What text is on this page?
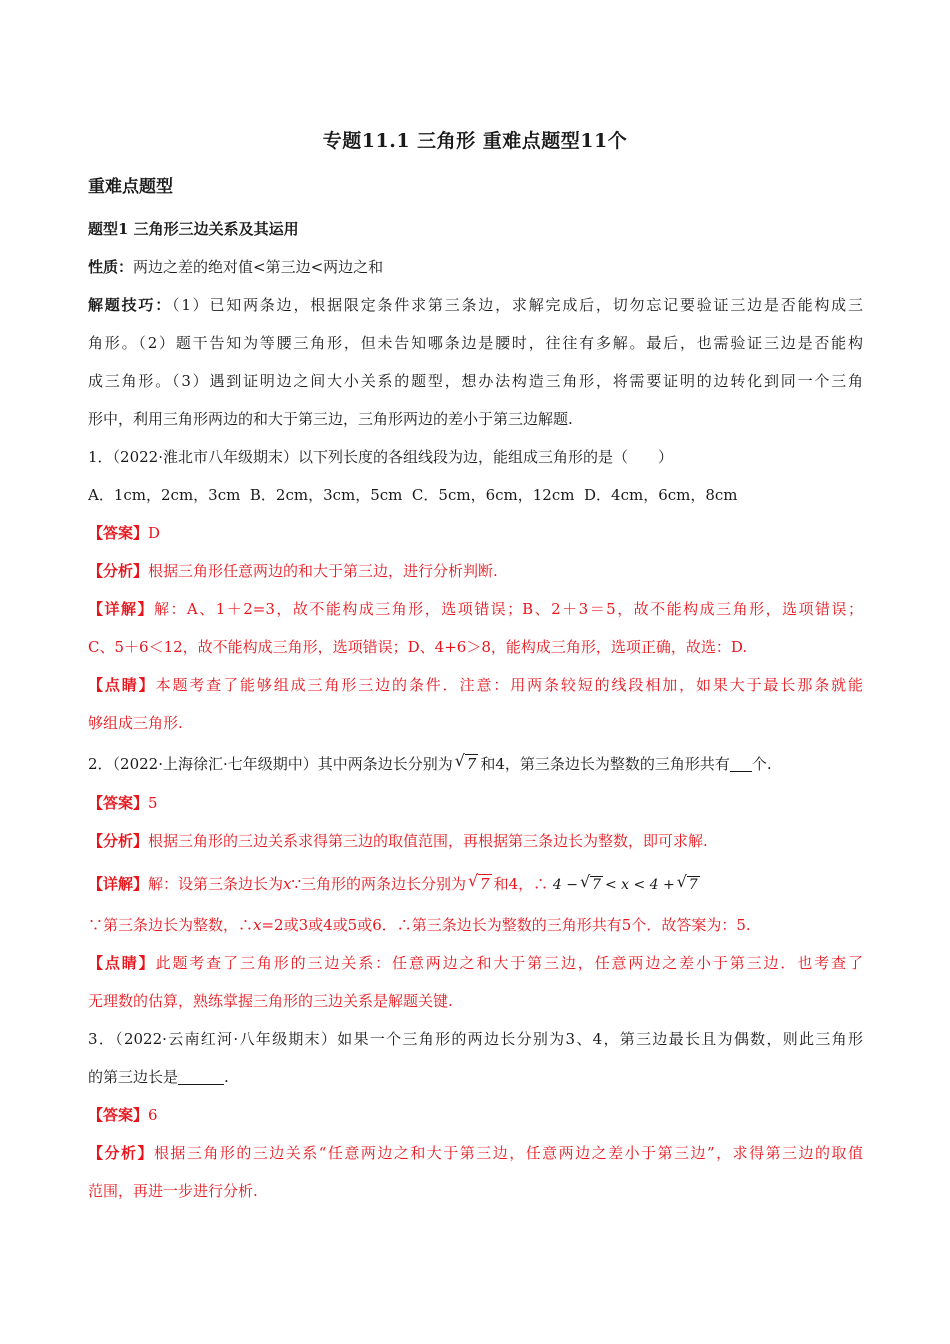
专题11.1 三角形 重难点题型11个
重难点题型
题型1 三角形三边关系及其运用
性质：两边之差的绝对值<第三边<两边之和
解题技巧：（1）已知两条边，根据限定条件求第三条边，求解完成后，切勿忘记要验证三边是否能构成三
角形。（2）题干告知为等腰三角形，但未告知哪条边是腰时，往往有多解。最后，也需验证三边是否能构
成三角形。（3）遇到证明边之间大小关系的题型，想办法构造三角形，将需要证明的边转化到同一个三角
形中，利用三角形两边的和大于第三边，三角形两边的差小于第三边解题.
1．（2022·淮北市八年级期末）以下列长度的各组线段为边，能组成三角形的是（　　）
A．1cm，2cm，3cm  B．2cm，3cm，5cm  C．5cm，6cm，12cm  D．4cm，6cm，8cm
【答案】D
【分析】根据三角形任意两边的和大于第三边，进行分析判断.
【详解】解：A、1＋2=3，故不能构成三角形，选项错误；B、2＋3＝5，故不能构成三角形，选项错误；
C、5＋6＜12，故不能构成三角形，选项错误；D、4+6＞8，能构成三角形，选项正确，故选：D.
【点睛】本题考查了能够组成三角形三边的条件．注意：用两条较短的线段相加，如果大于最长那条就能
够组成三角形.
2．（2022·上海徐汇·七年级期中）其中两条边长分别为 √ 7 和4，第三条边长为整数的三角形共有 个.
【答案】5
【分析】根据三角形的三边关系求得第三边的取值范围，再根据第三条边长为整数，即可求解.
【详解】解：设第三条边长为x∵三角形的两条边长分别为 √ 7 和4，∴ 4 − √ 7 < x < 4 + √ 7
∵第三条边长为整数，∴x=2或3或4或5或6．∴第三条边长为整数的三角形共有5个．故答案为：5.
【点睛】此题考查了三角形的三边关系：任意两边之和大于第三边，任意两边之差小于第三边．也考查了
无理数的估算，熟练掌握三角形的三边关系是解题关键.
3．（2022·云南红河·八年级期末）如果一个三角形的两边长分别为3、4，第三边最长且为偶数，则此三角形
的第三边长是	.
【答案】6
【分析】根据三角形的三边关系“任意两边之和大于第三边，任意两边之差小于第三边”，求得第三边的取值
范围，再进一步进行分析.
